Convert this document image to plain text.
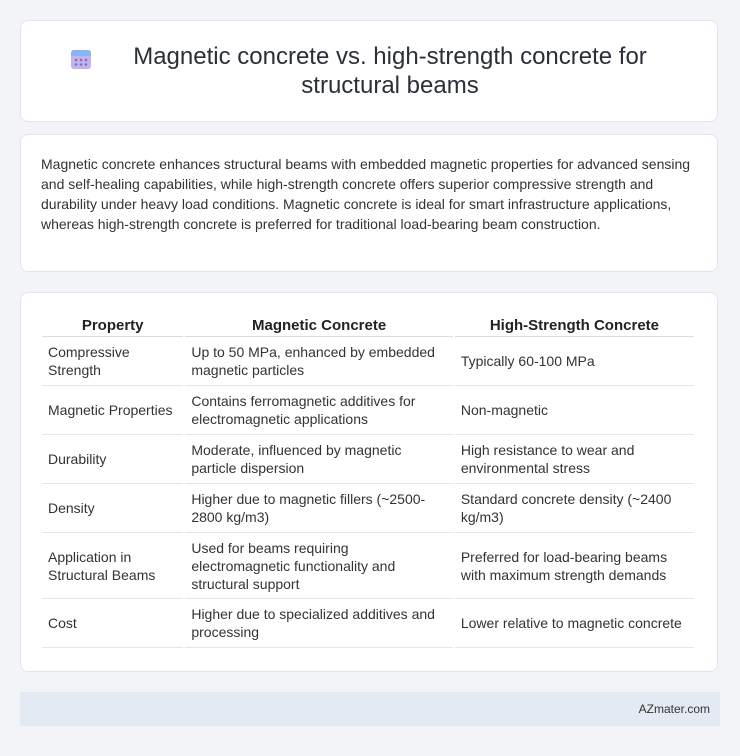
Magnetic concrete vs. high-strength concrete for structural beams

Magnetic concrete enhances structural beams with embedded magnetic properties for advanced sensing and self-healing capabilities, while high-strength concrete offers superior compressive strength and durability under heavy load conditions. Magnetic concrete is ideal for smart infrastructure applications, whereas high-strength concrete is preferred for traditional load-bearing beam construction.

Property	Magnetic Concrete	High-Strength Concrete
Compressive Strength	Up to 50 MPa, enhanced by embedded magnetic particles	Typically 60-100 MPa
Magnetic Properties	Contains ferromagnetic additives for electromagnetic applications	Non-magnetic
Durability	Moderate, influenced by magnetic particle dispersion	High resistance to wear and environmental stress
Density	Higher due to magnetic fillers (~2500-2800 kg/m3)	Standard concrete density (~2400 kg/m3)
Application in Structural Beams	Used for beams requiring electromagnetic functionality and structural support	Preferred for load-bearing beams with maximum strength demands
Cost	Higher due to specialized additives and processing	Lower relative to magnetic concrete
AZmater.com
